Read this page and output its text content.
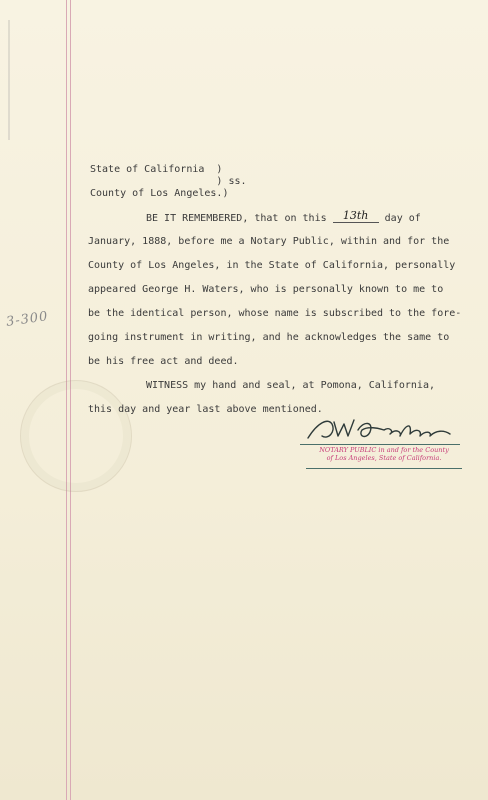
3-300
State of California  )
) ss.
County of Los Angeles.)
BE IT REMEMBERED, that on this 13th day of
January, 1888, before me a Notary Public, within and for the
County of Los Angeles, in the State of California, personally
appeared George H. Waters, who is personally known to me to
be the identical person, whose name is subscribed to the fore-
going instrument in writing, and he acknowledges the same to
be his free act and deed.
WITNESS my hand and seal, at Pomona, California,
this day and year last above mentioned.
NOTARY PUBLIC in and for the County
of Los Angeles, State of California.
